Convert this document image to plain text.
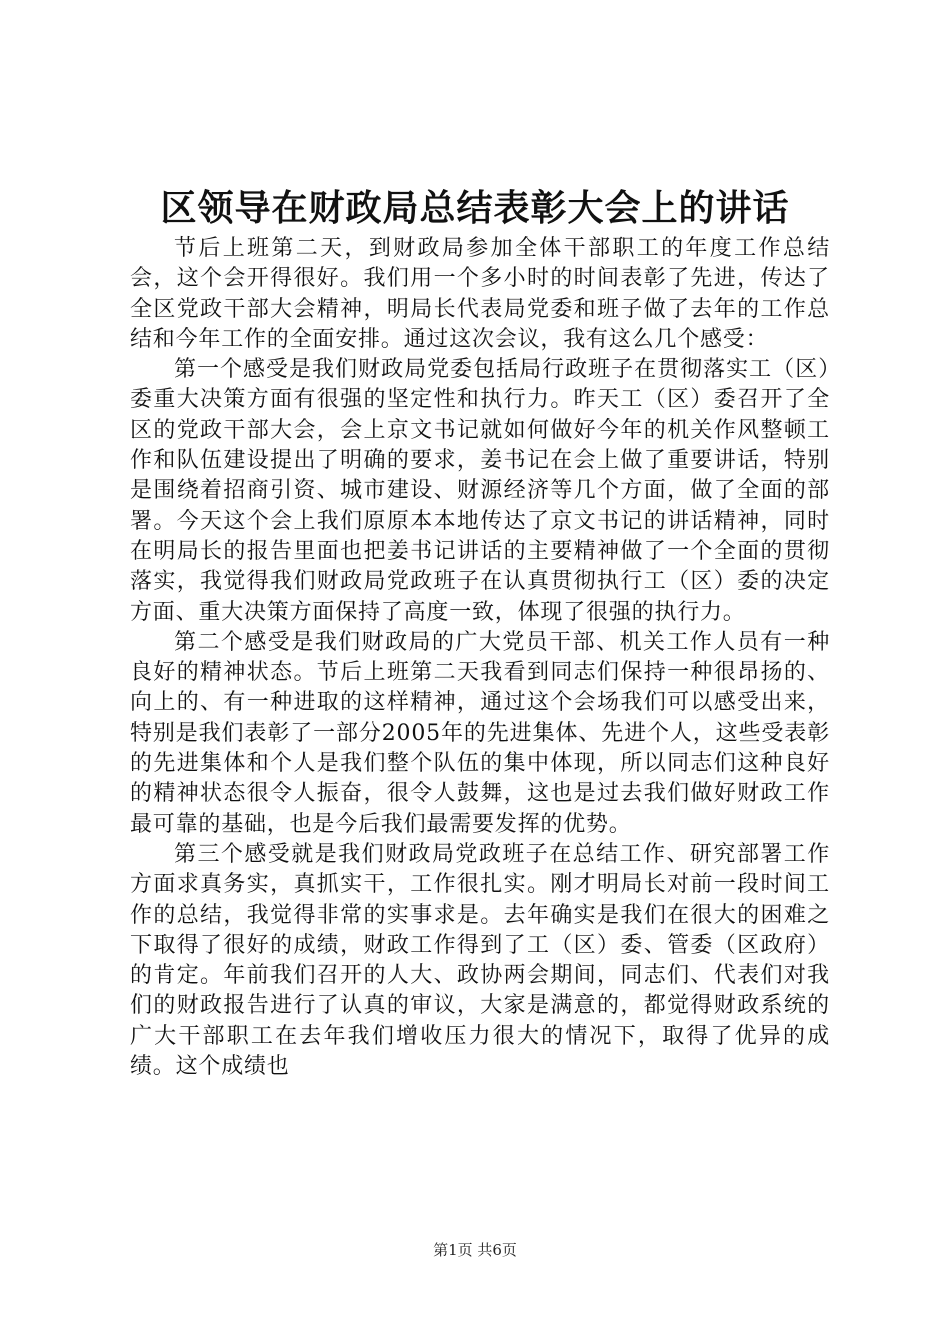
区领导在财政局总结表彰大会上的讲话

节后上班第二天，到财政局参加全体干部职工的年度工作总结会，这个会开得很好。我们用一个多小时的时间表彰了先进，传达了全区党政干部大会精神，明局长代表局党委和班子做了去年的工作总结和今年工作的全面安排。通过这次会议，我有这么几个感受：

第一个感受是我们财政局党委包括局行政班子在贯彻落实工（区）委重大决策方面有很强的坚定性和执行力。昨天工（区）委召开了全区的党政干部大会，会上京文书记就如何做好今年的机关作风整顿工作和队伍建设提出了明确的要求，姜书记在会上做了重要讲话，特别是围绕着招商引资、城市建设、财源经济等几个方面，做了全面的部署。今天这个会上我们原原本本地传达了京文书记的讲话精神，同时在明局长的报告里面也把姜书记讲话的主要精神做了一个全面的贯彻落实，我觉得我们财政局党政班子在认真贯彻执行工（区）委的决定方面、重大决策方面保持了高度一致，体现了很强的执行力。

第二个感受是我们财政局的广大党员干部、机关工作人员有一种良好的精神状态。节后上班第二天我看到同志们保持一种很昂扬的、向上的、有一种进取的这样精神，通过这个会场我们可以感受出来，特别是我们表彰了一部分2005年的先进集体、先进个人，这些受表彰的先进集体和个人是我们整个队伍的集中体现，所以同志们这种良好的精神状态很令人振奋，很令人鼓舞，这也是过去我们做好财政工作最可靠的基础，也是今后我们最需要发挥的优势。

第三个感受就是我们财政局党政班子在总结工作、研究部署工作方面求真务实，真抓实干，工作很扎实。刚才明局长对前一段时间工作的总结，我觉得非常的实事求是。去年确实是我们在很大的困难之下取得了很好的成绩，财政工作得到了工（区）委、管委（区政府）的肯定。年前我们召开的人大、政协两会期间，同志们、代表们对我们的财政报告进行了认真的审议，大家是满意的，都觉得财政系统的广大干部职工在去年我们增收压力很大的情况下，取得了优异的成绩。这个成绩也

第1页 共6页
